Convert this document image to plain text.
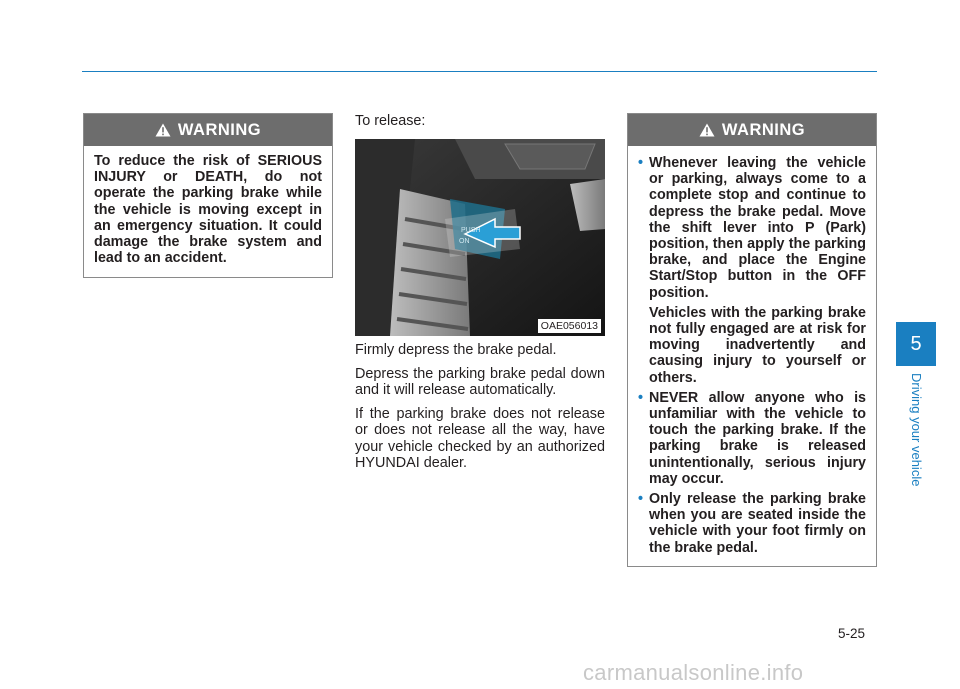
WARNING
To reduce the risk of SERIOUS INJURY or DEATH, do not operate the parking brake while the vehicle is moving except in an emergency situation. It could damage the brake system and lead to an accident.

To release:

PUSH
ON
OAE056013

Firmly depress the brake pedal.

Depress the parking brake pedal down and it will release automatically.

If the parking brake does not release or does not release all the way, have your vehicle checked by an authorized HYUNDAI dealer.

WARNING
• Whenever leaving the vehicle or parking, always come to a complete stop and continue to depress the brake pedal. Move the shift lever into P (Park) position, then apply the parking brake, and place the Engine Start/Stop button in the OFF position.
Vehicles with the parking brake not fully engaged are at risk for moving inadvertently and causing injury to yourself or others.
• NEVER allow anyone who is unfamiliar with the vehicle to touch the parking brake. If the parking brake is released unintentionally, serious injury may occur.
• Only release the parking brake when you are seated inside the vehicle with your foot firmly on the brake pedal.
5
Driving your vehicle
5-25
carmanualsonline.info
